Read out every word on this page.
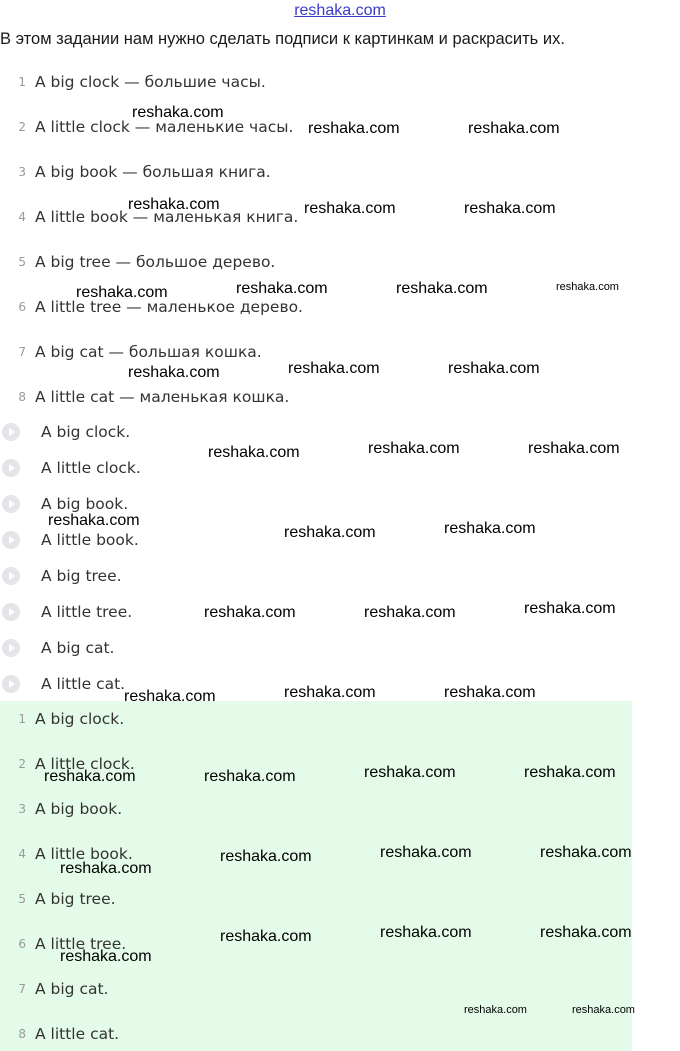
reshaka.com
В этом задании нам нужно сделать подписи к картинкам и раскрасить их.
1 A big clock — большие часы.
2 A little clock — маленькие часы.
3 A big book — большая книга.
4 A little book — маленькая книга.
5 A big tree — большое дерево.
6 A little tree — маленькое дерево.
7 A big cat — большая кошка.
8 A little cat — маленькая кошка.
A big clock.
A little clock.
A big book.
A little book.
A big tree.
A little tree.
A big cat.
A little cat.
1 A big clock.
2 A little clock.
3 A big book.
4 A little book.
5 A big tree.
6 A little tree.
7 A big cat.
8 A little cat.
reshaka.com
reshaka.com	reshaka.com
reshaka.com	reshaka.com	reshaka.com
reshaka.com	reshaka.com	reshaka.com	reshaka.com
reshaka.com	reshaka.com	reshaka.com
reshaka.com	reshaka.com	reshaka.com
reshaka.com
reshaka.com	reshaka.com
reshaka.com	reshaka.com	reshaka.com
reshaka.com	reshaka.com	reshaka.com
reshaka.com	reshaka.com	reshaka.com	reshaka.com
reshaka.com
reshaka.com	reshaka.com	reshaka.com
reshaka.com
reshaka.com	reshaka.com	reshaka.com
reshaka.com	reshaka.com
